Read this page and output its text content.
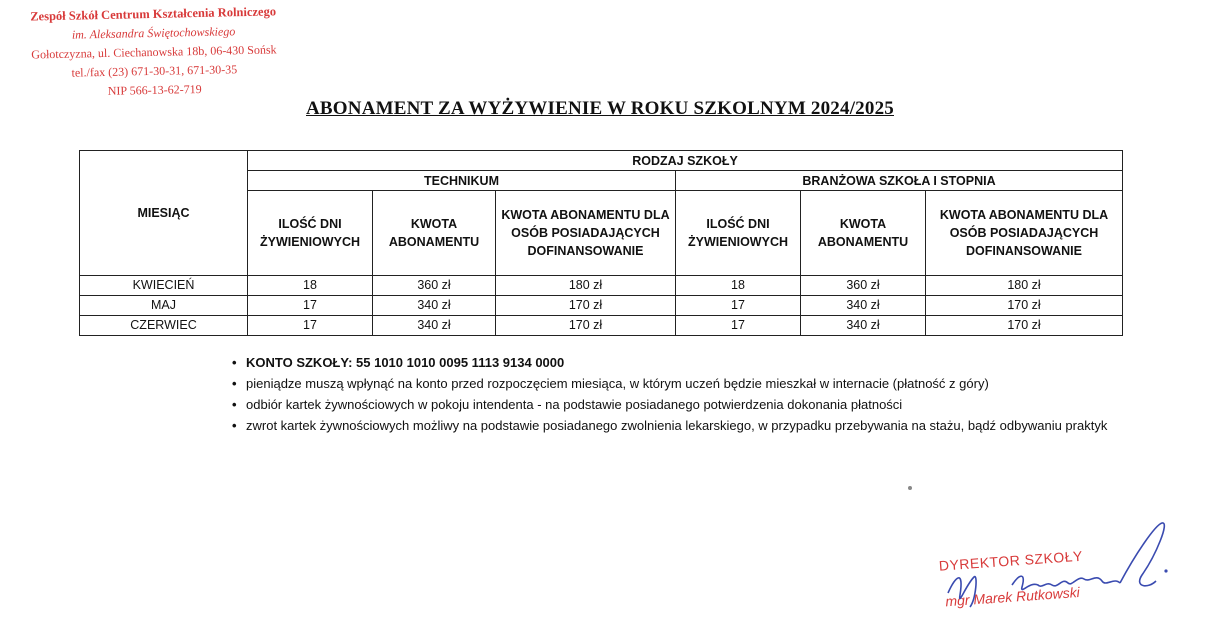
Zespół Szkół Centrum Kształcenia Rolniczego
im. Aleksandra Świętochowskiego
Gołotczyzna, ul. Ciechanowska 18b, 06-430 Sońsk
tel./fax (23) 671-30-31, 671-30-35
NIP 566-13-62-719
ABONAMENT ZA WYŻYWIENIE W ROKU SZKOLNYM 2024/2025
MIESIĄC	RODZAJ SZKOŁY					
	TECHNIKUM			BRANŻOWA SZKOŁA I STOPNIA		
	ILOŚĆ DNI ŻYWIENIOWYCH	KWOTA ABONAMENTU	KWOTA ABONAMENTU DLA OSÓB POSIADAJĄCYCH DOFINANSOWANIE	ILOŚĆ DNI ŻYWIENIOWYCH	KWOTA ABONAMENTU	KWOTA ABONAMENTU DLA OSÓB POSIADAJĄCYCH DOFINANSOWANIE
KWIECIEŃ	18	360 zł	180 zł	18	360 zł	180 zł
MAJ	17	340 zł	170 zł	17	340 zł	170 zł
CZERWIEC	17	340 zł	170 zł	17	340 zł	170 zł
• KONTO SZKOŁY: 55 1010 1010 0095 1113 9134 0000
• pieniądze muszą wpłynąć na konto przed rozpoczęciem miesiąca, w którym uczeń będzie mieszkał w internacie (płatność z góry)
• odbiór kartek żywnościowych w pokoju intendenta - na podstawie posiadanego potwierdzenia dokonania płatności
• zwrot kartek żywnościowych możliwy na podstawie posiadanego zwolnienia lekarskiego, w przypadku przebywania na stażu, bądź odbywaniu praktyk
DYREKTOR SZKOŁY
mgr Marek Rutkowski
